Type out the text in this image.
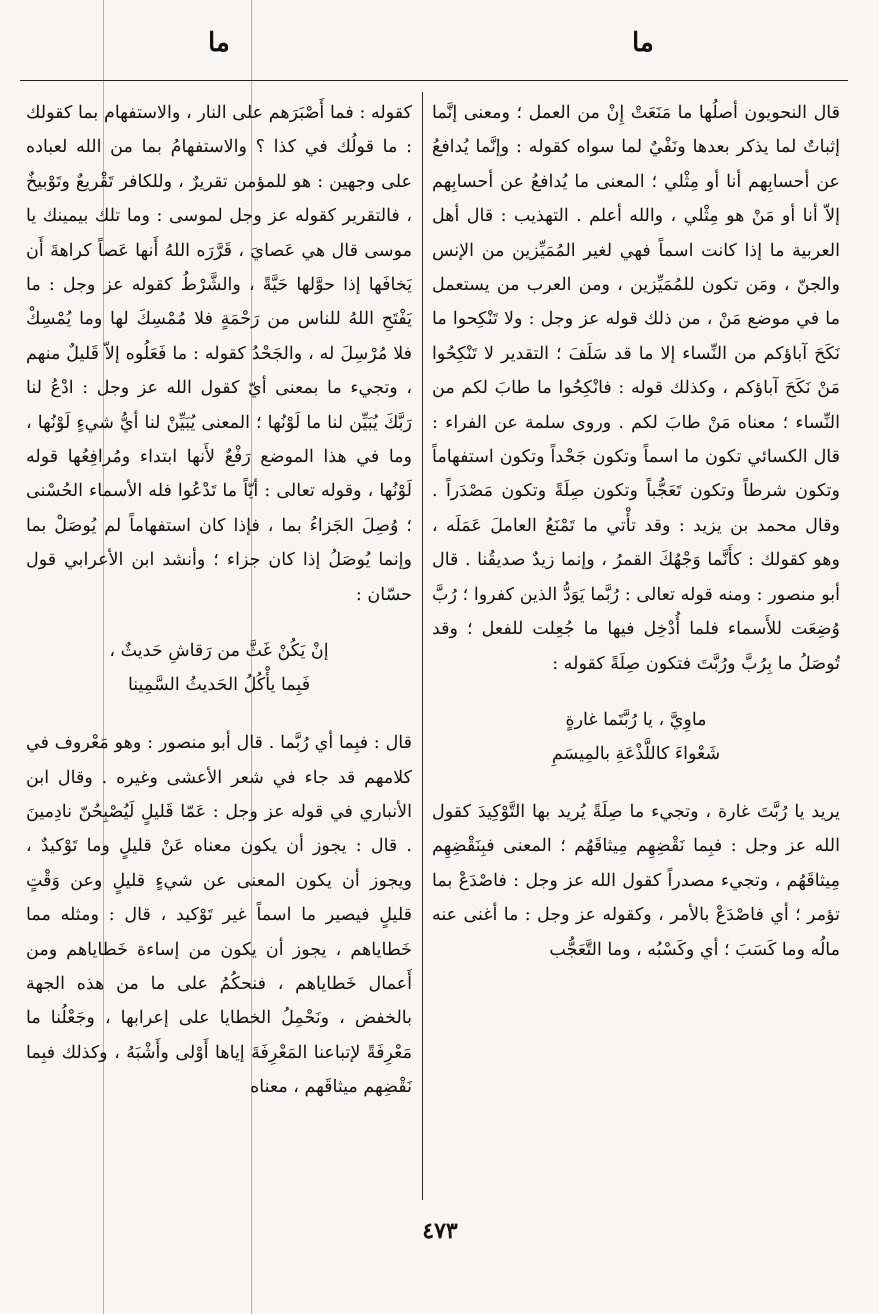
ما
ما

قال النحويون أصلُها ما مَنَعَتْ إِنْ من العمل ؛ ومعنى إنَّما إثباتٌ لما يذكر بعدها ونَفْيٌ لما سواه كقوله : وإنَّما يُدافعُ عن أحسابِهم أنا أو مِثْلي ؛ المعنى ما يُدافعُ عن أحسابِهم إلاّ أنا أو مَنْ هو مِثْلي ، والله أعلم . التهذيب : قال أهل العربية ما إذا كانت اسماً فهي لغير المُمَيِّزين من الإنس والجنّ ، ومَن تكون للمُمَيِّزين ، ومن العرب من يستعمل ما في موضع مَنْ ، من ذلك قوله عز وجل : ولا تَنْكِحوا ما نَكَحَ آباؤكم من النِّساء إلا ما قد سَلَفَ ؛ التقدير لا تَنْكِحُوا مَنْ نَكَحَ آباؤكم ، وكذلك قوله : فانْكِحُوا ما طابَ لكم من النِّساء ؛ معناه مَنْ طابَ لكم . وروى سلمة عن الفراء : قال الكسائي تكون ما اسماً وتكون جَحْداً وتكون استفهاماً وتكون شرطاً وتكون تَعَجُّباً وتكون صِلَةً وتكون مَصْدَراً . وقال محمد بن يزيد : وقد تأْتي ما تَمْنَعُ العاملَ عَمَلَه ، وهو كقولك : كأَنَّما وَجْهُكَ القمرُ ، وإنما زيدٌ صديقُنا . قال أبو منصور : ومنه قوله تعالى : رُبَّما يَوَدُّ الذين كفروا ؛ رُبَّ وُضِعَت للأَسماء فلما أُدْخِل فيها ما جُعِلت للفعل ؛ وقد تُوصَلُ ما بِرُبَّ ورُبَّتَ فتكون صِلَةً كقوله :

ماوِيَّ ، يا رُبَّتَما غارةٍ
شَعْواءَ كاللَّذْعَةِ بالمِيسَمِ

يريد يا رُبَّتَ غارة ، وتجيء ما صِلَةً يُريد بها التَّوْكِيدَ كقول الله عز وجل : فبِما نَقْضِهِم مِيثاقَهُم ؛ المعنى فبِنَقْضِهِم مِيثاقَهُم ، وتجيء مصدراً كقول الله عز وجل : فاصْدَعْ بما تؤمر ؛ أي فاصْدَعْ بالأمر ، وكقوله عز وجل : ما أغنى عنه مالُه وما كَسَبَ ؛ أي وكَسْبُه ، وما التَّعَجُّب

كقوله : فما أَصْبَرَهم على النار ، والاستفهام بما كقولك : ما قولُك في كذا ؟ والاستفهامُ بما من الله لعباده على وجهين : هو للمؤمن تقريرٌ ، وللكافر تَقْريعٌ وتَوْبيخٌ ، فالتقرير كقوله عز وجل لموسى : وما تلك بيمينك يا موسى قال هي عَصايَ ، قَرَّرَه اللهُ أَنها عَصاً كراهةَ أَن يَخافَها إذا حوَّلها حَيَّةً ، والشَّرْطُ كقوله عز وجل : ما يَفْتَحِ اللهُ للناس من رَحْمَةٍ فلا مُمْسِكَ لها وما يُمْسِكْ فلا مُرْسِلَ له ، والجَحْدُ كقوله : ما فَعَلُوه إلاّ قَليلٌ منهم ، وتجيء ما بمعنى أيّ كقول الله عز وجل : ادْعُ لنا رَبَّكَ يُبَيِّن لنا ما لَوْنُها ؛ المعنى يُبَيِّنْ لنا أيُّ شيءٍ لَوْنُها ، وما في هذا الموضع رَفْعٌ لأَنها ابتداء ومُرافِعُها قوله لَوْنُها ، وقوله تعالى : أيّاً ما تَدْعُوا فله الأسماء الحُسْنى ؛ وُصِلَ الجَزاءُ بما ، فإذا كان استفهاماً لم يُوصَلْ بما وإنما يُوصَلُ إذا كان جزاء ؛ وأنشد ابن الأعرابي قول حسّان :

إنْ يَكُنْ غَثَّ من رَقاشِ حَديثٌ ،
فَبِما يأْكُلُ الحَديثُ السَّمِينا

قال : فبِما أي رُبَّما . قال أبو منصور : وهو مَعْروف في كلامهم قد جاء في شعر الأعشى وغيره . وقال ابن الأنباري في قوله عز وجل : عَمّا قَليلٍ لَيُصْبِحُنّ نادِمينَ . قال : يجوز أن يكون معناه عَنْ قليلٍ وما تَوْكيدٌ ، ويجوز أن يكون المعنى عن شيءٍ قليلٍ وعن وَقْتٍ قليلٍ فيصير ما اسماً غير تَوْكيد ، قال : ومثله مما خَطاياهم ، يجوز أن يكون من إساءة خَطاياهم ومن أَعمال خَطاياهم ، فنحكُمُ على ما من هذه الجهة بالخفض ، ونَحْمِلُ الخطايا على إعرابها ، وجَعْلُنا ما مَعْرِفَةً لإتباعنا المَعْرِفَةَ إياها أَوْلى وأَشْبَهُ ، وكذلك فبِما نَقْضِهم ميثاقَهم ، معناه

٤٧٣
